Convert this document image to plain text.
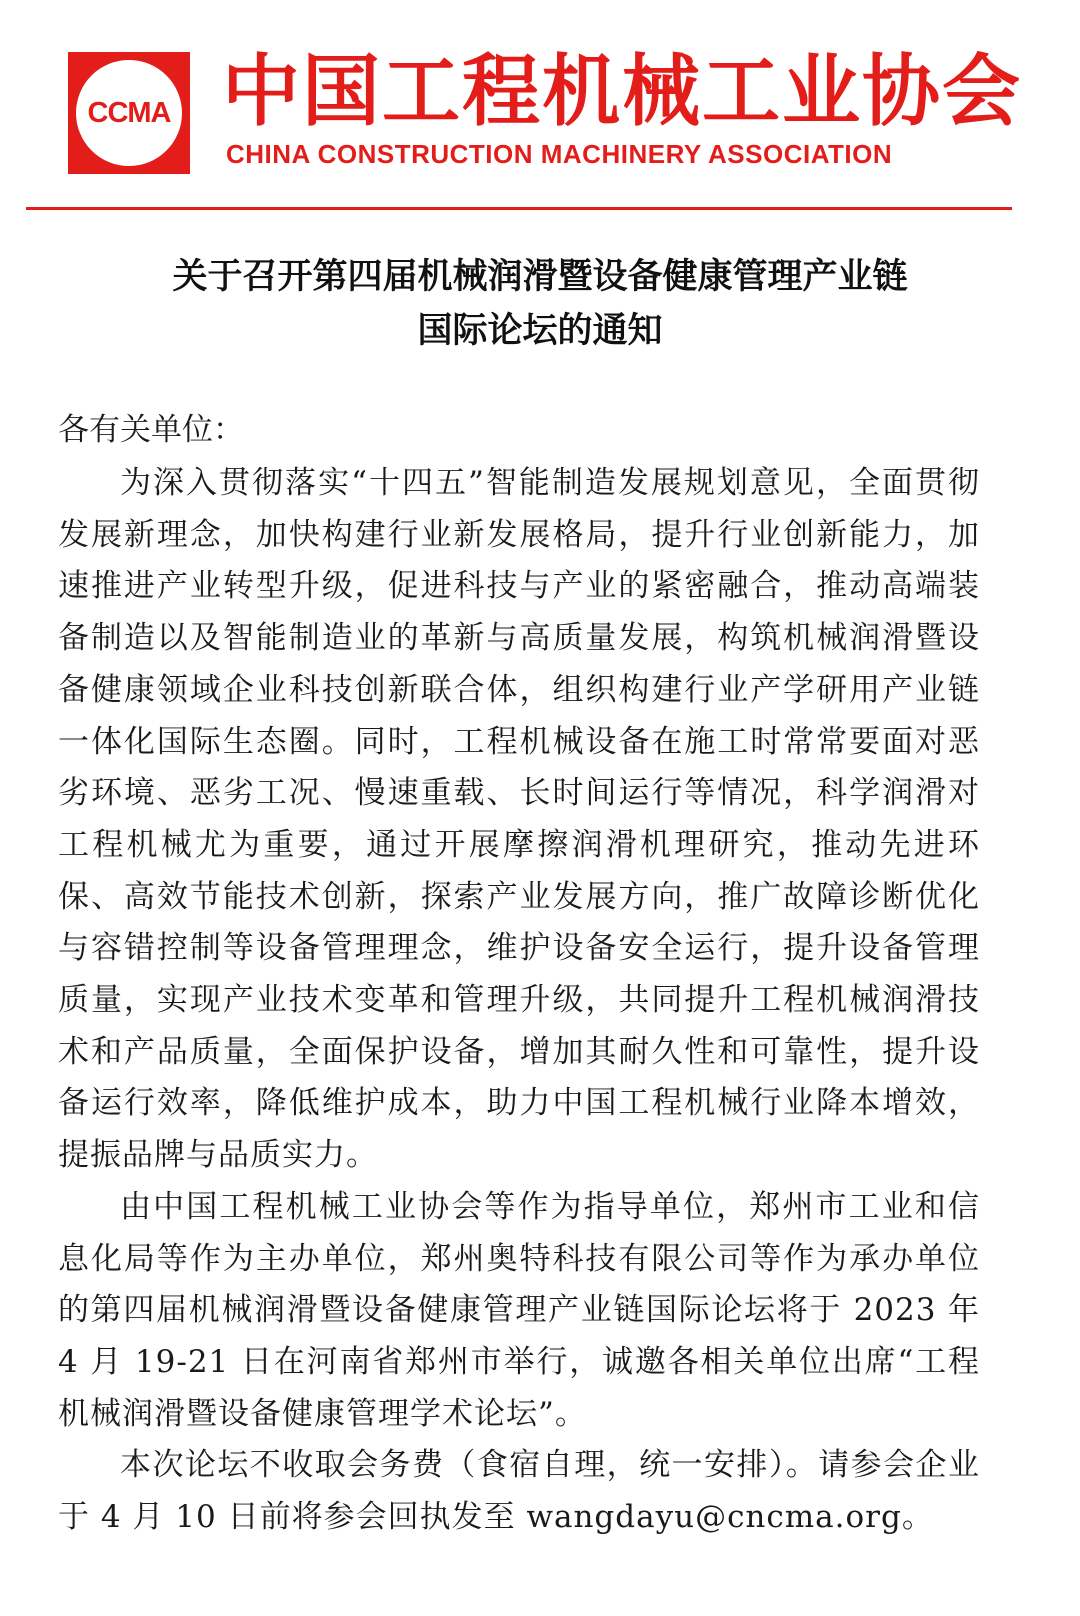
CCMA 中国工程机械工业协会
CHINA CONSTRUCTION MACHINERY ASSOCIATION
关于召开第四届机械润滑暨设备健康管理产业链
国际论坛的通知
各有关单位：

为深入贯彻落实“十四五”智能制造发展规划意见，全面贯彻发展新理念，加快构建行业新发展格局，提升行业创新能力，加速推进产业转型升级，促进科技与产业的紧密融合，推动高端装备制造以及智能制造业的革新与高质量发展，构筑机械润滑暨设备健康领域企业科技创新联合体，组织构建行业产学研用产业链一体化国际生态圈。同时，工程机械设备在施工时常常要面对恶劣环境、恶劣工况、慢速重载、长时间运行等情况，科学润滑对工程机械尤为重要，通过开展摩擦润滑机理研究，推动先进环保、高效节能技术创新，探索产业发展方向，推广故障诊断优化与容错控制等设备管理理念，维护设备安全运行，提升设备管理质量，实现产业技术变革和管理升级，共同提升工程机械润滑技术和产品质量，全面保护设备，增加其耐久性和可靠性，提升设备运行效率，降低维护成本，助力中国工程机械行业降本增效，提振品牌与品质实力。

由中国工程机械工业协会等作为指导单位，郑州市工业和信息化局等作为主办单位，郑州奥特科技有限公司等作为承办单位的第四届机械润滑暨设备健康管理产业链国际论坛将于 2023 年 4 月 19-21 日在河南省郑州市举行，诚邀各相关单位出席“工程机械润滑暨设备健康管理学术论坛”。

本次论坛不收取会务费（食宿自理，统一安排）。请参会企业于 4 月 10 日前将参会回执发至 wangdayu@cncma.org。
